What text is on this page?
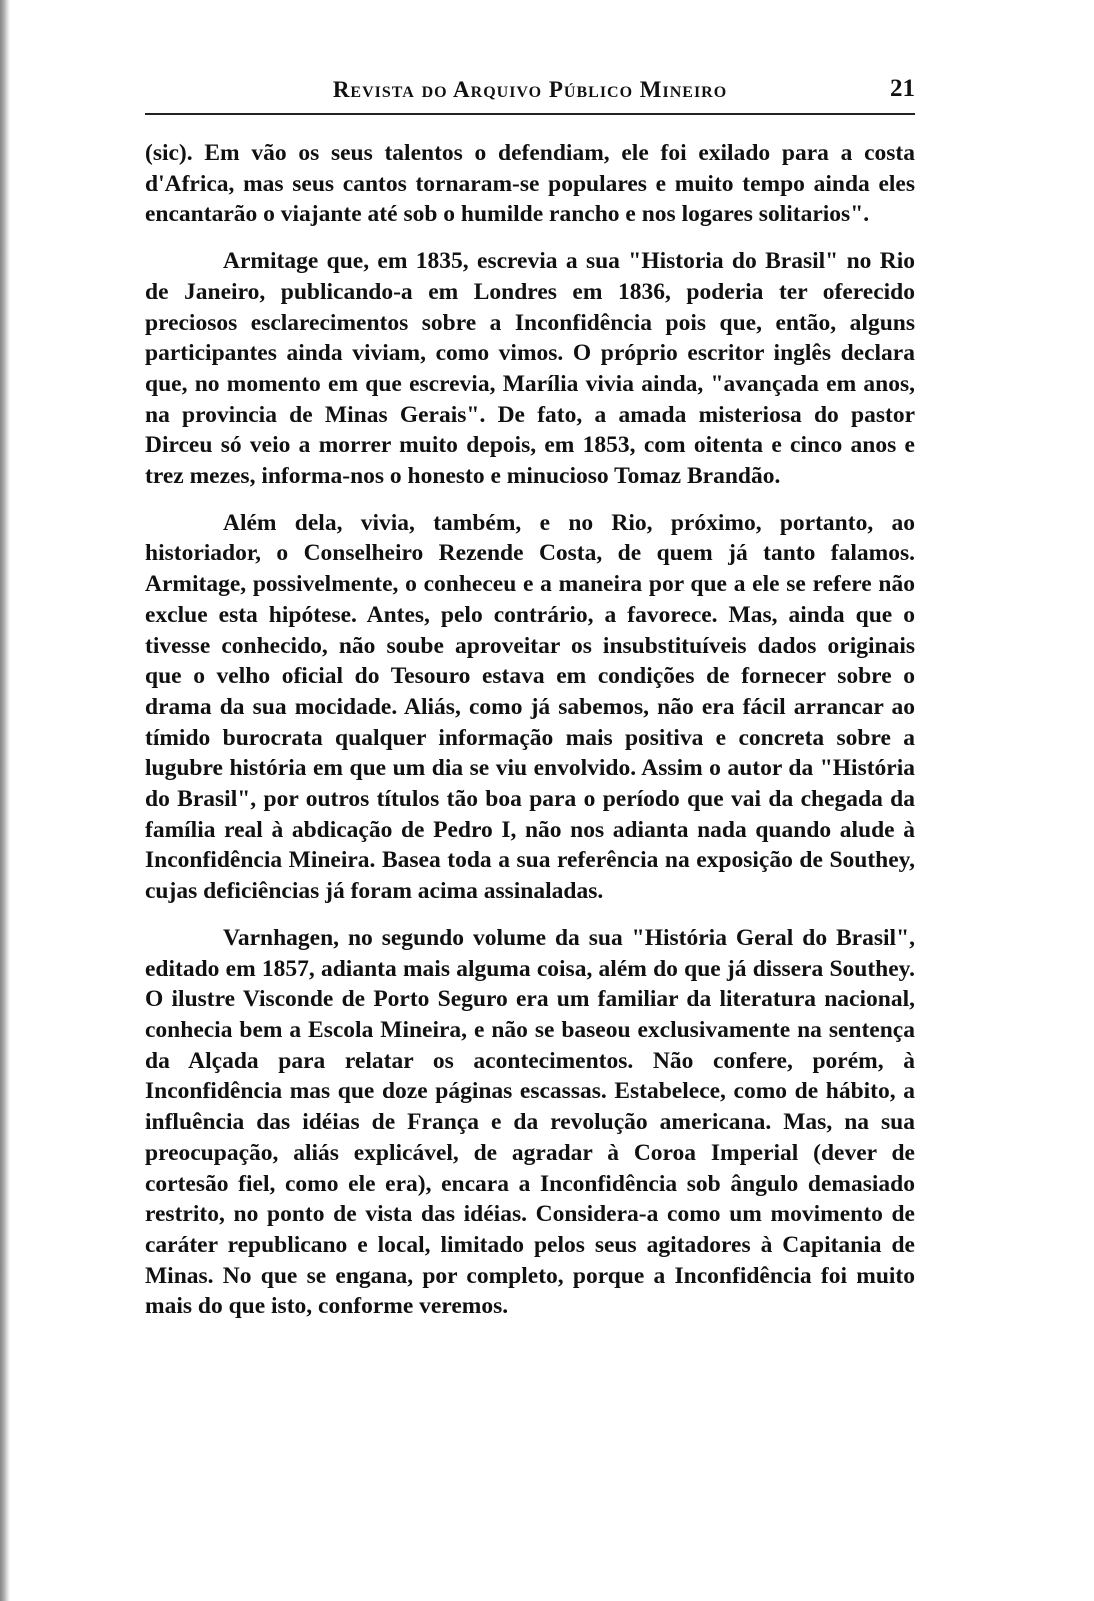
Revista do Arquivo Público Mineiro	21

(sic). Em vão os seus talentos o defendiam, ele foi exilado para a costa d'Africa, mas seus cantos tornaram-se populares e muito tempo ainda eles encantarão o viajante até sob o humilde rancho e nos logares solitarios".

Armitage que, em 1835, escrevia a sua "Historia do Brasil" no Rio de Janeiro, publicando-a em Londres em 1836, poderia ter oferecido preciosos esclarecimentos sobre a Inconfidência pois que, então, alguns participantes ainda viviam, como vimos. O próprio escritor inglês declara que, no momento em que escrevia, Marília vivia ainda, "avançada em anos, na provincia de Minas Gerais". De fato, a amada misteriosa do pastor Dirceu só veio a morrer muito depois, em 1853, com oitenta e cinco anos e trez mezes, informa-nos o honesto e minucioso Tomaz Brandão.

Além dela, vivia, também, e no Rio, próximo, portanto, ao historiador, o Conselheiro Rezende Costa, de quem já tanto falamos. Armitage, possivelmente, o conheceu e a maneira por que a ele se refere não exclue esta hipótese. Antes, pelo contrário, a favorece. Mas, ainda que o tivesse conhecido, não soube aproveitar os insubstituíveis dados originais que o velho oficial do Tesouro estava em condições de fornecer sobre o drama da sua mocidade. Aliás, como já sabemos, não era fácil arrancar ao tímido burocrata qualquer informação mais positiva e concreta sobre a lugubre história em que um dia se viu envolvido. Assim o autor da "História do Brasil", por outros títulos tão boa para o período que vai da chegada da família real à abdicação de Pedro I, não nos adianta nada quando alude à Inconfidência Mineira. Basea toda a sua referência na exposição de Southey, cujas deficiências já foram acima assinaladas.

Varnhagen, no segundo volume da sua "História Geral do Brasil", editado em 1857, adianta mais alguma coisa, além do que já dissera Southey. O ilustre Visconde de Porto Seguro era um familiar da literatura nacional, conhecia bem a Escola Mineira, e não se baseou exclusivamente na sentença da Alçada para relatar os acontecimentos. Não confere, porém, à Inconfidência mas que doze páginas escassas. Estabelece, como de hábito, a influência das idéias de França e da revolução americana. Mas, na sua preocupação, aliás explicável, de agradar à Coroa Imperial (dever de cortesão fiel, como ele era), encara a Inconfidência sob ângulo demasiado restrito, no ponto de vista das idéias. Considera-a como um movimento de caráter republicano e local, limitado pelos seus agitadores à Capitania de Minas. No que se engana, por completo, porque a Inconfidência foi muito mais do que isto, conforme veremos.
